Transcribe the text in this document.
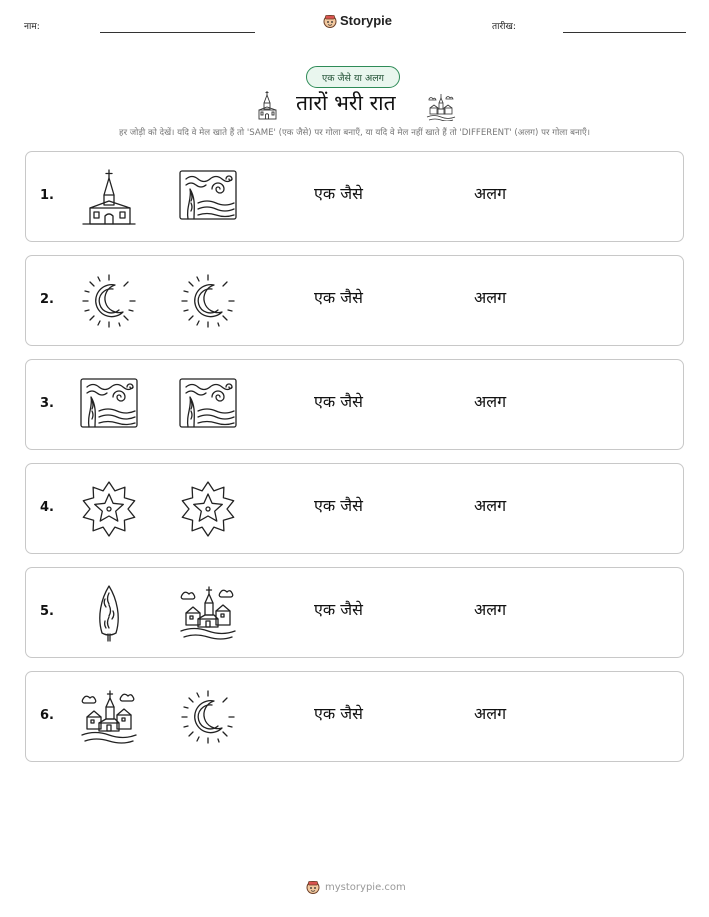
नाम:	Storypie	तारीख:
एक जैसे या अलग
तारों भरी रात
हर जोड़ी को देखें। यदि वे मेल खाते हैं तो 'SAME' (एक जैसे) पर गोला बनाएँ, या यदि वे मेल नहीं खाते हैं तो 'DIFFERENT' (अलग) पर गोला बनाएँ।
1.	एक जैसे	अलग
2.	एक जैसे	अलग
3.	एक जैसे	अलग
4.	एक जैसे	अलग
5.	एक जैसे	अलग
6.	एक जैसे	अलग
mystorypie.com
